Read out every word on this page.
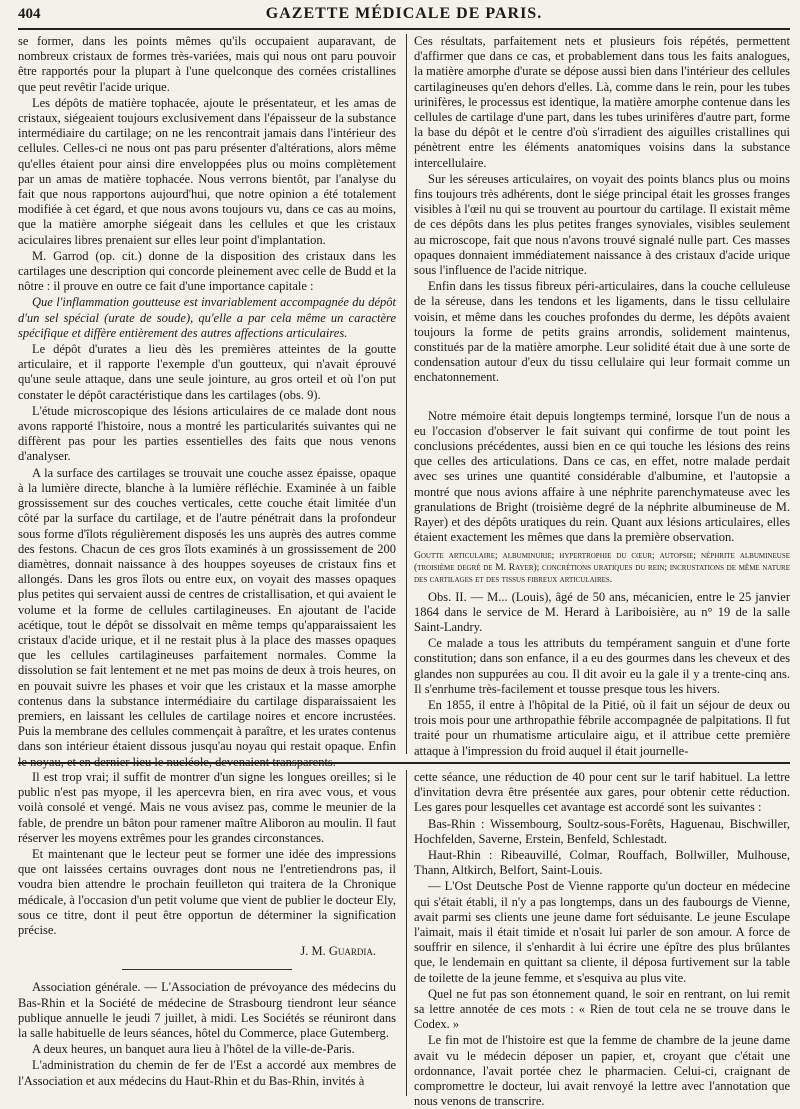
404	GAZETTE MÉDICALE DE PARIS.

se former, dans les points mêmes qu'ils occupaient auparavant, de nombreux cristaux de formes très-variées, mais qui nous ont paru pouvoir être rapportés pour la plupart à l'une quelconque des cornées cristallines que peut revêtir l'acide urique.

Les dépôts de matière tophacée, ajoute le présentateur, et les amas de cristaux, siégeaient toujours exclusivement dans l'épaisseur de la substance intermédiaire du cartilage; on ne les rencontrait jamais dans l'intérieur des cellules. Celles-ci ne nous ont pas paru présenter d'altérations, alors même qu'elles étaient pour ainsi dire enveloppées plus ou moins complètement par un amas de matière tophacée. Nous verrons bientôt, par l'analyse du fait que nous rapportons aujourd'hui, que notre opinion a été totalement modifiée à cet égard, et que nous avons toujours vu, dans ce cas au moins, que la matière amorphe siégeait dans les cellules et que les cristaux aciculaires libres prenaient sur elles leur point d'implantation.

M. Garrod (op. cit.) donne de la disposition des cristaux dans les cartilages une description qui concorde pleinement avec celle de Budd et la nôtre : il prouve en outre ce fait d'une importance capitale :

Que l'inflammation goutteuse est invariablement accompagnée du dépôt d'un sel spécial (urate de soude), qu'elle a par cela même un caractère spécifique et diffère entièrement des autres affections articulaires.

Le dépôt d'urates a lieu dès les premières atteintes de la goutte articulaire, et il rapporte l'exemple d'un goutteux, qui n'avait éprouvé qu'une seule attaque, dans une seule jointure, au gros orteil et où l'on put constater le dépôt caractéristique dans les cartilages (obs. 9).

L'étude microscopique des lésions articulaires de ce malade dont nous avons rapporté l'histoire, nous a montré les particularités suivantes qui ne diffèrent pas pour les parties essentielles des faits que nous venons d'analyser.

A la surface des cartilages se trouvait une couche assez épaisse, opaque à la lumière directe, blanche à la lumière réfléchie. Examinée à un faible grossissement sur des couches verticales, cette couche était limitée d'un côté par la surface du cartilage, et de l'autre pénétrait dans la profondeur sous forme d'îlots régulièrement disposés les uns auprès des autres comme des festons. Chacun de ces gros îlots examinés à un grossissement de 200 diamètres, donnait naissance à des houppes soyeuses de cristaux fins et allongés. Dans les gros îlots ou entre eux, on voyait des masses opaques plus petites qui servaient aussi de centres de cristallisation, et qui avaient le volume et la forme de cellules cartilagineuses. En ajoutant de l'acide acétique, tout le dépôt se dissolvait en même temps qu'apparaissaient les cristaux d'acide urique, et il ne restait plus à la place des masses opaques que les cellules cartilagineuses parfaitement normales. Comme la dissolution se fait lentement et ne met pas moins de deux à trois heures, on en pouvait suivre les phases et voir que les cristaux et la masse amorphe contenus dans la substance intermédiaire du cartilage disparaissaient les premiers, en laissant les cellules de cartilage noires et encore incrustées. Puis la membrane des cellules commençait à paraître, et les urates contenus dans son intérieur étaient dissous jusqu'au noyau qui restait opaque. Enfin le noyau, et en dernier lieu le nucléole, devenaient transparents.

Ces résultats, parfaitement nets et plusieurs fois répétés, permettent d'affirmer que dans ce cas, et probablement dans tous les faits analogues, la matière amorphe d'urate se dépose aussi bien dans l'intérieur des cellules cartilagineuses qu'en dehors d'elles. Là, comme dans le rein, pour les tubes urinifères, le processus est identique, la matière amorphe contenue dans les cellules de cartilage d'une part, dans les tubes urinifères d'autre part, forme la base du dépôt et le centre d'où s'irradient des aiguilles cristallines qui pénètrent entre les éléments anatomiques voisins dans la substance intercellulaire.

Sur les séreuses articulaires, on voyait des points blancs plus ou moins fins toujours très adhérents, dont le siége principal était les grosses franges visibles à l'œil nu qui se trouvent au pourtour du cartilage. Il existait même de ces dépôts dans les plus petites franges synoviales, visibles seulement au microscope, fait que nous n'avons trouvé signalé nulle part. Ces masses opaques donnaient immédiatement naissance à des cristaux d'acide urique sous l'influence de l'acide nitrique.

Enfin dans les tissus fibreux péri-articulaires, dans la couche celluleuse de la séreuse, dans les tendons et les ligaments, dans le tissu cellulaire voisin, et même dans les couches profondes du derme, les dépôts avaient toujours la forme de petits grains arrondis, solidement maintenus, constitués par de la matière amorphe. Leur solidité était due à une sorte de condensation autour d'eux du tissu cellulaire qui leur formait comme un enchatonnement.

Notre mémoire était depuis longtemps terminé, lorsque l'un de nous a eu l'occasion d'observer le fait suivant qui confirme de tout point les conclusions précédentes, aussi bien en ce qui touche les lésions des reins que celles des articulations. Dans ce cas, en effet, notre malade perdait avec ses urines une quantité considérable d'albumine, et l'autopsie a montré que nous avions affaire à une néphrite parenchymateuse avec les granulations de Bright (troisième degré de la néphrite albumineuse de M. Rayer) et des dépôts uratiques du rein. Quant aux lésions articulaires, elles étaient exactement les mêmes que dans la première observation.

Goutte articulaire; albuminurie; hypertrophie du cœur; autopsie; néphrite albumineuse (troisième degré de M. Rayer); concrétions uratiques du rein; incrustations de même nature des cartilages et des tissus fibreux articulaires.

Obs. II. — M... (Louis), âgé de 50 ans, mécanicien, entre le 25 janvier 1864 dans le service de M. Herard à Lariboisière, au n° 19 de la salle Saint-Landry.

Ce malade a tous les attributs du tempérament sanguin et d'une forte constitution; dans son enfance, il a eu des gourmes dans les cheveux et des glandes non suppurées au cou. Il dit avoir eu la gale il y a trente-cinq ans. Il s'enrhume très-facilement et tousse presque tous les hivers.

En 1855, il entre à l'hôpital de la Pitié, où il fait un séjour de deux ou trois mois pour une arthropathie fébrile accompagnée de palpitations. Il fut traité pour un rhumatisme articulaire aigu, et il attribue cette première attaque à l'impression du froid auquel il était journelle-

Il est trop vrai; il suffit de montrer d'un signe les longues oreilles; si le public n'est pas myope, il les apercevra bien, en rira avec vous, et vous voilà consolé et vengé. Mais ne vous avisez pas, comme le meunier de la fable, de prendre un bâton pour ramener maître Aliboron au moulin. Il faut réserver les moyens extrêmes pour les grandes circonstances.

Et maintenant que le lecteur peut se former une idée des impressions que ont laissées certains ouvrages dont nous ne l'entretiendrons pas, il voudra bien attendre le prochain feuilleton qui traitera de la Chronique médicale, à l'occasion d'un petit volume que vient de publier le docteur Ely, sous ce titre, dont il peut être opportun de déterminer la signification précise.

J. M. Guardia.

Association générale. — L'Association de prévoyance des médecins du Bas-Rhin et la Société de médecine de Strasbourg tiendront leur séance publique annuelle le jeudi 7 juillet, à midi. Les Sociétés se réuniront dans la salle habituelle de leurs séances, hôtel du Commerce, place Gutemberg.

A deux heures, un banquet aura lieu à l'hôtel de la ville-de-Paris.

L'administration du chemin de fer de l'Est a accordé aux membres de l'Association et aux médecins du Haut-Rhin et du Bas-Rhin, invités à

cette séance, une réduction de 40 pour cent sur le tarif habituel. La lettre d'invitation devra être présentée aux gares, pour obtenir cette réduction. Les gares pour lesquelles cet avantage est accordé sont les suivantes :

Bas-Rhin : Wissembourg, Soultz-sous-Forêts, Haguenau, Bischwiller, Hochfelden, Saverne, Erstein, Benfeld, Schlestadt.

Haut-Rhin : Ribeauvillé, Colmar, Rouffach, Bollwiller, Mulhouse, Thann, Altkirch, Belfort, Saint-Louis.

— L'Ost Deutsche Post de Vienne rapporte qu'un docteur en médecine qui s'était établi, il n'y a pas longtemps, dans un des faubourgs de Vienne, avait parmi ses clients une jeune dame fort séduisante. Le jeune Esculape l'aimait, mais il était timide et n'osait lui parler de son amour. A force de souffrir en silence, il s'enhardit à lui écrire une épître des plus brûlantes que, le lendemain en quittant sa cliente, il déposa furtivement sur la table de toilette de la jeune femme, et s'esquiva au plus vite.

Quel ne fut pas son étonnement quand, le soir en rentrant, on lui remit sa lettre annotée de ces mots : « Rien de tout cela ne se trouve dans le Codex. »

Le fin mot de l'histoire est que la femme de chambre de la jeune dame avait vu le médecin déposer un papier, et, croyant que c'était une ordonnance, l'avait portée chez le pharmacien. Celui-ci, craignant de compromettre le docteur, lui avait renvoyé la lettre avec l'annotation que nous venons de transcrire.
